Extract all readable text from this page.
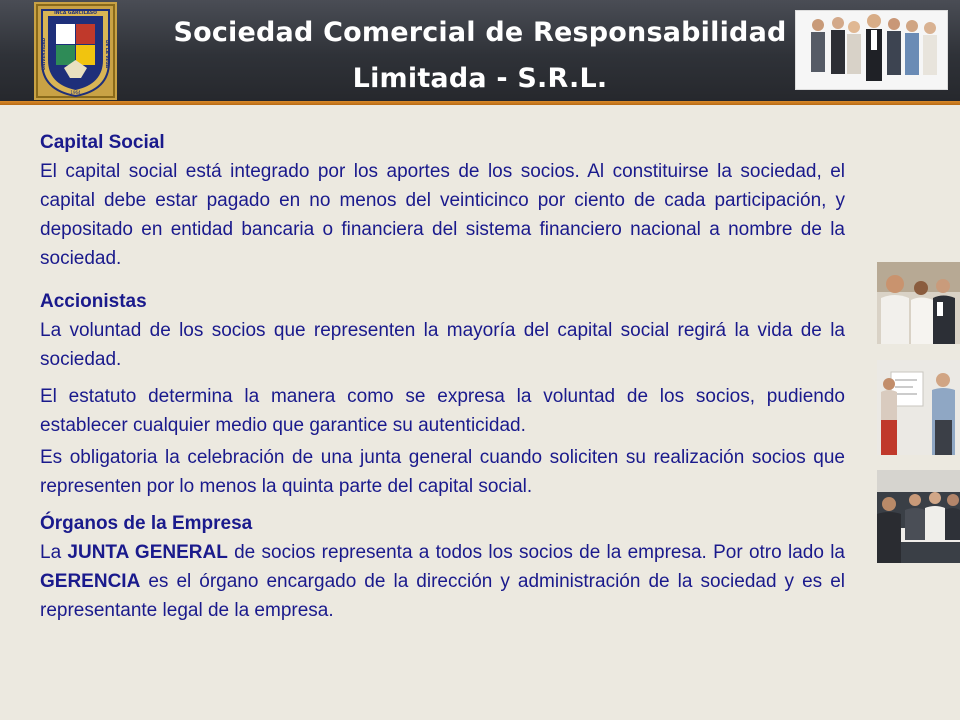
INCA GARCILASO
UNIVERSIDAD	DE LA VEGA
1964
Sociedad Comercial de Responsabilidad
Limitada - S.R.L.

Capital Social

El capital social está integrado por los aportes de los socios. Al constituirse la sociedad, el capital debe estar pagado en no menos del veinticinco por ciento de cada participación, y depositado en entidad bancaria o financiera del sistema financiero nacional a nombre de la sociedad.

Accionistas

La voluntad de los socios que representen la mayoría del capital social regirá la vida de la sociedad.

El estatuto determina la manera como se expresa la voluntad de los socios, pudiendo establecer cualquier medio que garantice su autenticidad.

Es obligatoria la celebración de una junta general cuando soliciten su realización socios que representen por lo menos la quinta parte del capital social.

Órganos de la Empresa

La JUNTA GENERAL de socios representa a todos los socios de la empresa. Por otro lado la GERENCIA es el órgano encargado de la dirección y administración de la sociedad y es el representante legal de la empresa.
